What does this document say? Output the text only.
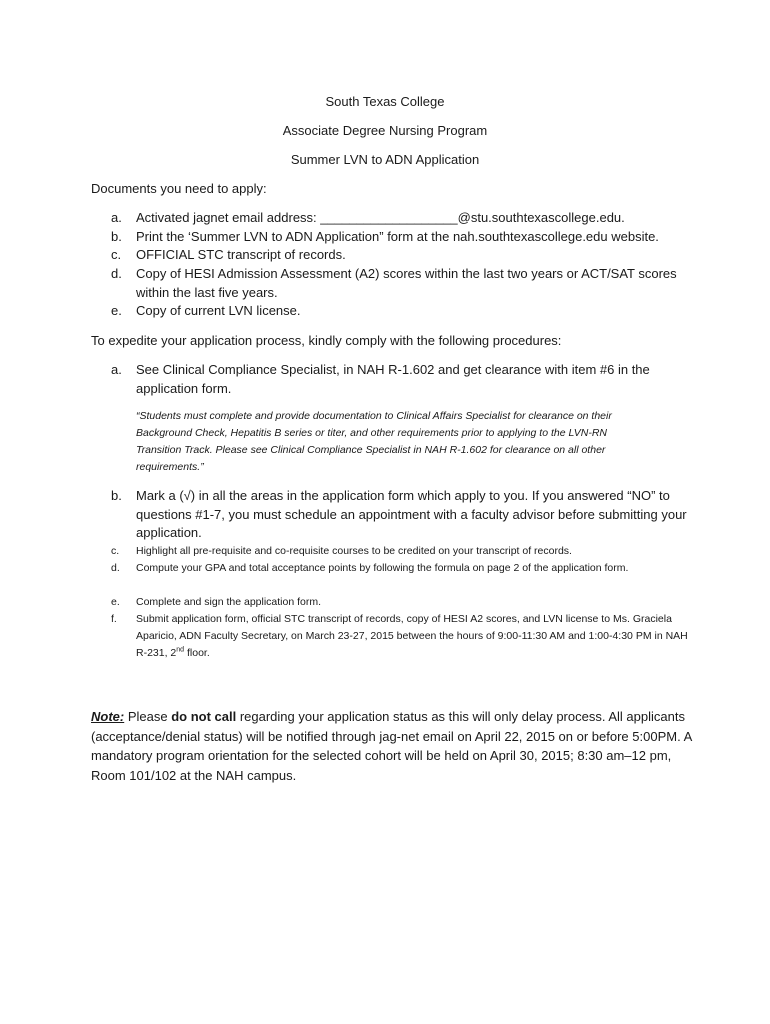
South Texas College
Associate Degree Nursing Program
Summer LVN to ADN Application
Documents you need to apply:
a.	Activated jagnet email address: ___________________@stu.southtexascollege.edu.
b.	Print the ‘Summer LVN to ADN Application” form at the nah.southtexascollege.edu website.
c.	OFFICIAL STC transcript of records.
d.	Copy of HESI Admission Assessment (A2) scores within the last two years or ACT/SAT scores within the last five years.
e.	Copy of current LVN license.
To expedite your application process, kindly comply with the following procedures:
a.	See Clinical Compliance Specialist, in NAH R-1.602 and get clearance with item #6 in the application form.
“Students must complete and provide documentation to Clinical Affairs Specialist for clearance on their Background Check, Hepatitis B series or titer, and other requirements prior to applying to the LVN-RN Transition Track. Please see Clinical Compliance Specialist in NAH R-1.602 for clearance on all other requirements.”
b.	Mark a (√) in all the areas in the application form which apply to you. If you answered “NO” to questions #1-7, you must schedule an appointment with a faculty advisor before submitting your application.
c.	Highlight all pre-requisite and co-requisite courses to be credited on your transcript of records.
d.	Compute your GPA and total acceptance points by following the formula on page 2 of the application form.
e.	Complete and sign the application form.
f.	Submit application form, official STC transcript of records, copy of HESI A2 scores, and LVN license to Ms. Graciela Aparicio, ADN Faculty Secretary, on March 23-27, 2015 between the hours of 9:00-11:30 AM and 1:00-4:30 PM in NAH R-231, 2nd floor.
Note: Please do not call regarding your application status as this will only delay process. All applicants (acceptance/denial status) will be notified through jag-net email on April 22, 2015 on or before 5:00PM. A mandatory program orientation for the selected cohort will be held on April 30, 2015; 8:30 am–12 pm, Room 101/102 at the NAH campus.
